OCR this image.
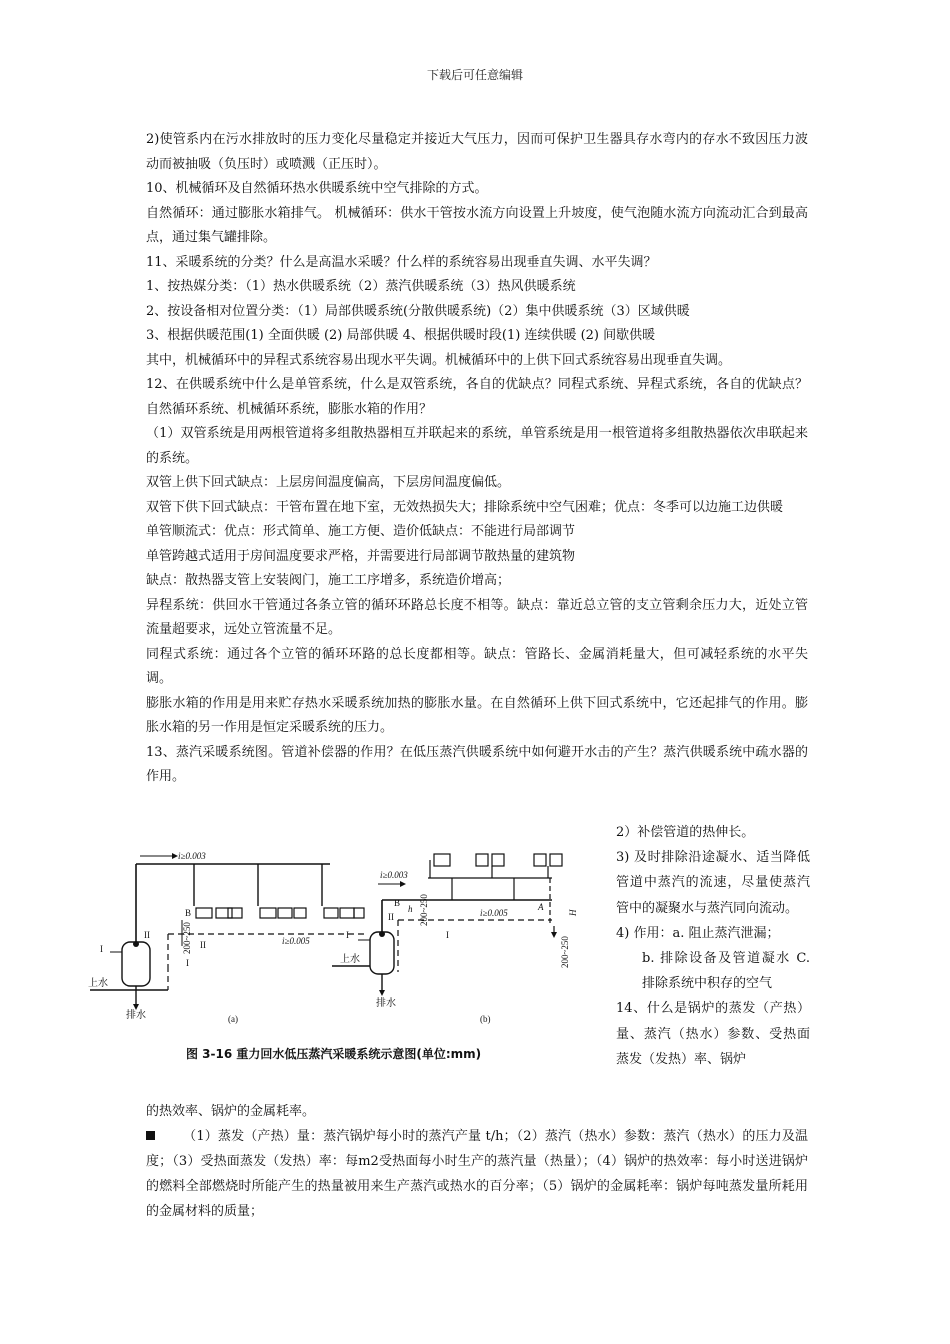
下载后可任意编辑

2)使管系内在污水排放时的压力变化尽量稳定并接近大气压力，因而可保护卫生器具存水弯内的存水不致因压力波动而被抽吸（负压时）或喷溅（正压时）。

10、机械循环及自然循环热水供暖系统中空气排除的方式。

自然循环：通过膨胀水箱排气。 机械循环：供水干管按水流方向设置上升坡度，使气泡随水流方向流动汇合到最高点，通过集气罐排除。

11、采暖系统的分类？什么是高温水采暖？什么样的系统容易出现垂直失调、水平失调？

1、按热媒分类：（1）热水供暖系统（2）蒸汽供暖系统（3）热风供暖系统

2、按设备相对位置分类：（1）局部供暖系统(分散供暖系统)（2）集中供暖系统（3）区域供暖

3、根据供暖范围(1) 全面供暖 (2) 局部供暖 4、根据供暖时段(1) 连续供暖 (2) 间歇供暖

其中，机械循环中的异程式系统容易出现水平失调。机械循环中的上供下回式系统容易出现垂直失调。

12、在供暖系统中什么是单管系统，什么是双管系统，各自的优缺点？同程式系统、异程式系统，各自的优缺点？自然循环系统、机械循环系统，膨胀水箱的作用？

（1）双管系统是用两根管道将多组散热器相互并联起来的系统，单管系统是用一根管道将多组散热器依次串联起来的系统。

双管上供下回式缺点：上层房间温度偏高，下层房间温度偏低。

双管下供下回式缺点：干管布置在地下室，无效热损失大；排除系统中空气困难；优点：冬季可以边施工边供暖

单管顺流式：优点：形式简单、施工方便、造价低缺点：不能进行局部调节

单管跨越式适用于房间温度要求严格，并需要进行局部调节散热量的建筑物

缺点：散热器支管上安装阀门，施工工序增多，系统造价增高；

异程系统：供回水干管通过各条立管的循环环路总长度不相等。缺点：靠近总立管的支立管剩余压力大，近处立管流量超要求，远处立管流量不足。

同程式系统：通过各个立管的循环环路的总长度都相等。缺点：管路长、金属消耗量大，但可减轻系统的水平失调。

膨胀水箱的作用是用来贮存热水采暖系统加热的膨胀水量。在自然循环上供下回式系统中，它还起排气的作用。膨胀水箱的另一作用是恒定采暖系统的压力。

13、蒸汽采暖系统图。管道补偿器的作用？在低压蒸汽供暖系统中如何避开水击的产生？蒸汽供暖系统中疏水器的作用。

i≥0.003
i≥0.005
200~250
B
II
II
I
I
上水
排水	(a)
i≥0.003
i≥0.005
200~250
200~250
A
B
II
h	H
I	I
上水
排水
(b)
图 3-16 重力回水低压蒸汽采暖系统示意图(单位:mm)

2）补偿管道的热伸长。

3) 及时排除沿途凝水、适当降低管道中蒸汽的流速，尽量使蒸汽管中的凝聚水与蒸汽同向流动。

4) 作用：a. 阻止蒸汽泄漏；

b. 排除设备及管道凝水 C. 排除系统中积存的空气

14、什么是锅炉的蒸发（产热）量、蒸汽（热水）参数、受热面蒸发（发热）率、锅炉

的热效率、锅炉的金属耗率。

（1）蒸发（产热）量：蒸汽锅炉每小时的蒸汽产量 t/h；（2）蒸汽（热水）参数：蒸汽（热水）的压力及温度；（3）受热面蒸发（发热）率：每m2受热面每小时生产的蒸汽量（热量）；（4）锅炉的热效率：每小时送进锅炉的燃料全部燃烧时所能产生的热量被用来生产蒸汽或热水的百分率；（5）锅炉的金属耗率：锅炉每吨蒸发量所耗用的金属材料的质量；
